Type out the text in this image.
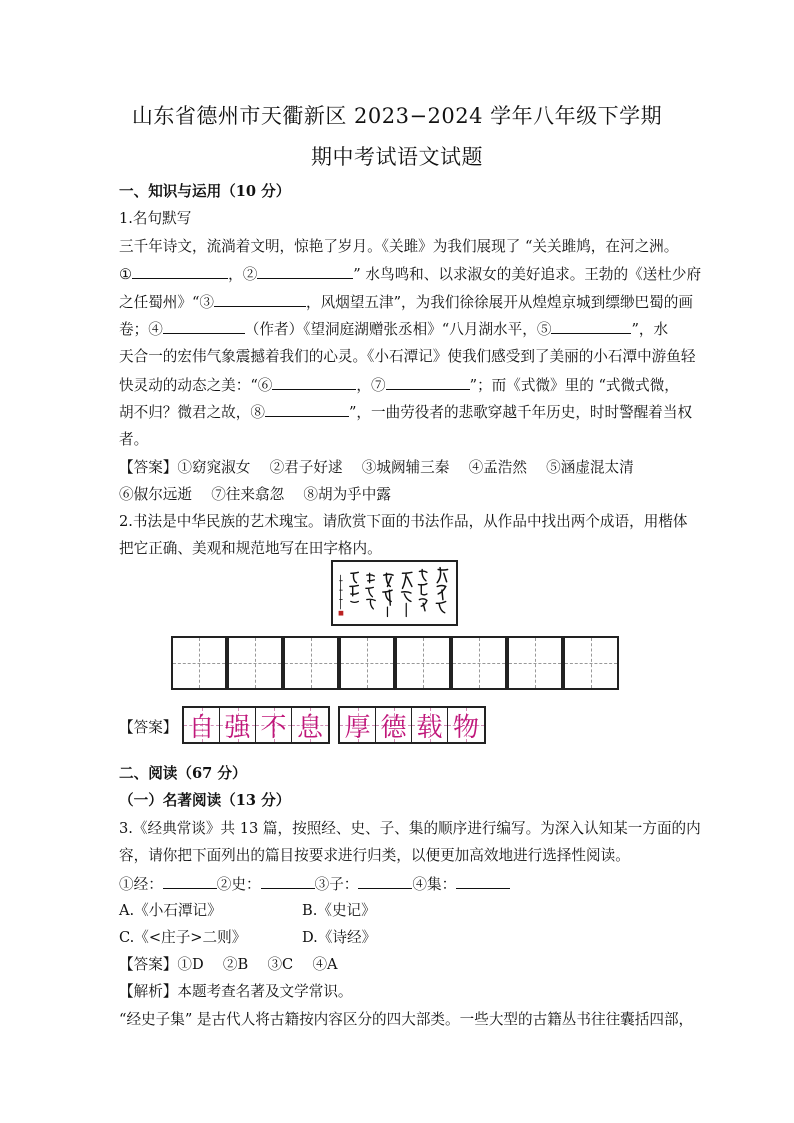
山东省德州市天衢新区 2023−2024 学年八年级下学期
期中考试语文试题
一、知识与运用（10 分）
1.名句默写
三千年诗文，流淌着文明，惊艳了岁月。《关雎》为我们展现了 “关关雎鸠，在河之洲。
①	，②	” 水鸟鸣和、以求淑女的美好追求。王勃的《送杜少府
之任蜀州》“③	，风烟望五津”，为我们徐徐展开从煌煌京城到缥缈巴蜀的画
卷；④	（作者）《望洞庭湖赠张丞相》“八月湖水平，⑤	”，水
天合一的宏伟气象震撼着我们的心灵。《小石潭记》使我们感受到了美丽的小石潭中游鱼轻
快灵动的动态之美：“⑥	，⑦	”；而《式微》里的 “式微式微，
胡不归？微君之故，⑧	”，一曲劳役者的悲歌穿越千年历史，时时警醒着当权
者。
【答案】①窈窕淑女　 ②君子好逑　 ③城阙辅三秦　 ④孟浩然　 ⑤涵虚混太清
⑥俶尔远逝　 ⑦往来翕忽　 ⑧胡为乎中露
2.书法是中华民族的艺术瑰宝。请欣赏下面的书法作品，从作品中找出两个成语，用楷体
把它正确、美观和规范地写在田字格内。
【答案】 自 强 不 息 厚 德 载 物
二、阅读（67 分）
（一）名著阅读（13 分）
3.《经典常谈》共 13 篇，按照经、史、子、集的顺序进行编写。为深入认知某一方面的内
容，请你把下面列出的篇目按要求进行归类，以便更加高效地进行选择性阅读。
①经：	②史：	③子：	④集：
A.《小石潭记》	B.《史记》
C.《<庄子>二则》	D.《诗经》
【答案】①D　 ②B　 ③C　 ④A
【解析】本题考查名著及文学常识。
“经史子集” 是古代人将古籍按内容区分的四大部类。一些大型的古籍丛书往往囊括四部，
